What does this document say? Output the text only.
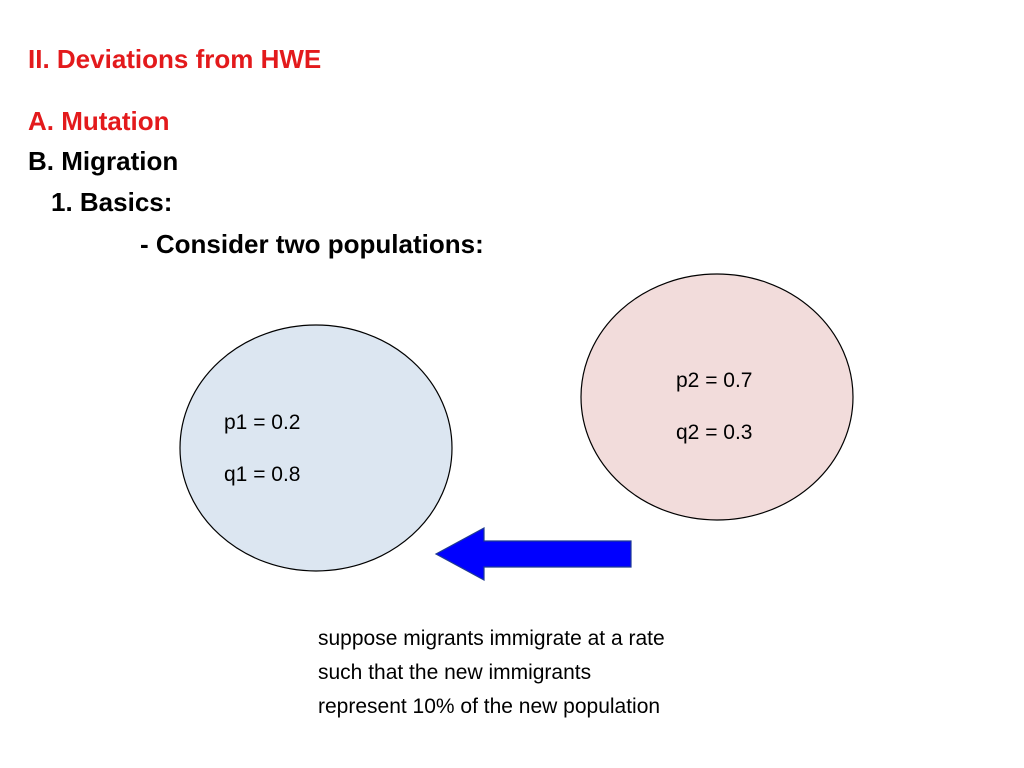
II. Deviations from HWE
A. Mutation
B. Migration
1. Basics:
- Consider two populations:
p1 = 0.2
q1 = 0.8
p2 = 0.7
q2 = 0.3
suppose migrants immigrate at a rate
such that the new immigrants
represent 10% of the new population
